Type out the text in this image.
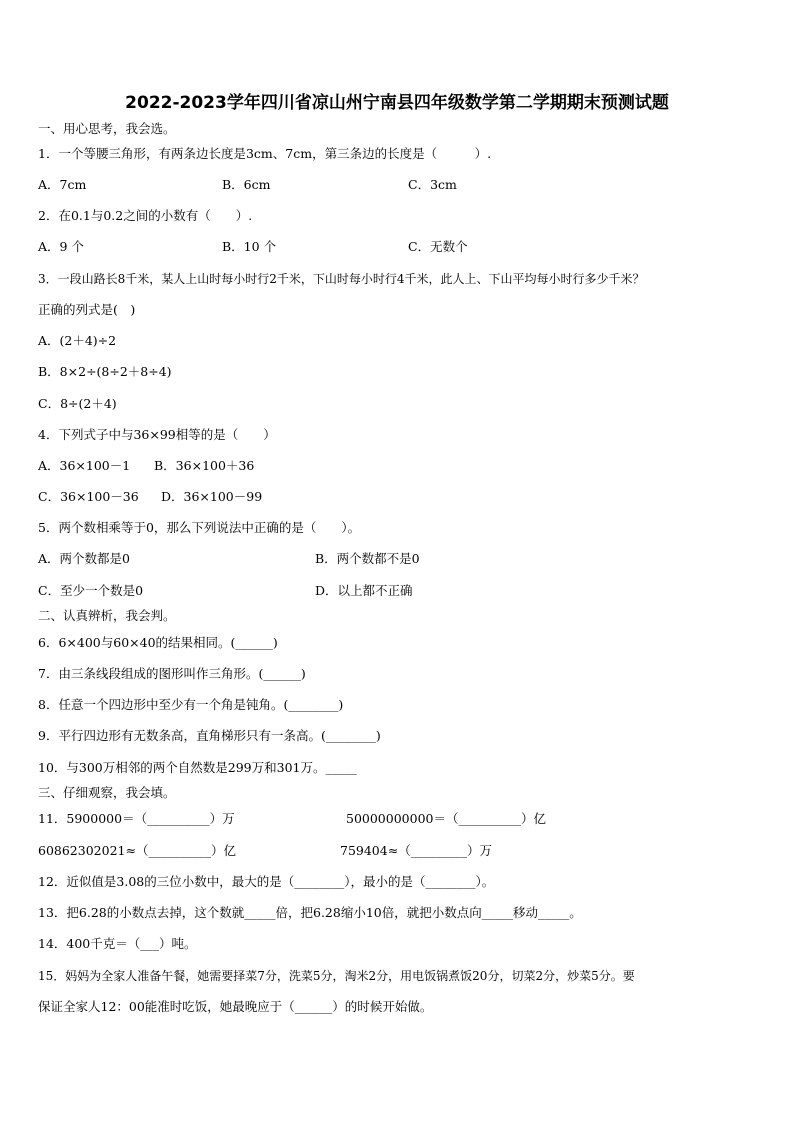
2022-2023学年四川省凉山州宁南县四年级数学第二学期期末预测试题
一、用心思考，我会选。
1．一个等腰三角形，有两条边长度是3cm、7cm，第三条边的长度是（　　　）.
A．7cm	B．6cm	C．3cm
2．在0.1与0.2之间的小数有（　　）.
A．9 个	B．10 个	C．无数个
3．一段山路长8千米，某人上山时每小时行2千米，下山时每小时行4千米，此人上、下山平均每小时行多少千米？
正确的列式是(　)
A．(2＋4)÷2
B．8×2÷(8÷2＋8÷4)
C．8÷(2＋4)
4．下列式子中与36×99相等的是（　　）
A．36×100－1 B．36×100＋36
C．36×100－36 D．36×100－99
5．两个数相乘等于0，那么下列说法中正确的是（　　）。
A．两个数都是0	B．两个数都不是0
C．至少一个数是0	D．以上都不正确
二、认真辨析，我会判。
6．6×400与60×40的结果相同。(______)
7．由三条线段组成的图形叫作三角形。(______)
8．任意一个四边形中至少有一个角是钝角。(________)
9．平行四边形有无数条高，直角梯形只有一条高。(________)
10．与300万相邻的两个自然数是299万和301万。_____
三、仔细观察，我会填。
11．5900000＝（__________）万	50000000000＝（__________）亿
60862302021≈（__________）亿	759404≈（_________）万
12．近似值是3.08的三位小数中，最大的是（________），最小的是（________）。
13．把6.28的小数点去掉，这个数就_____倍，把6.28缩小10倍，就把小数点向_____移动_____。
14．400千克＝（___）吨。
15．妈妈为全家人准备午餐，她需要择菜7分，洗菜5分，淘米2分，用电饭锅煮饭20分，切菜2分，炒菜5分。要
保证全家人12：00能准时吃饭，她最晚应于（______）的时候开始做。
